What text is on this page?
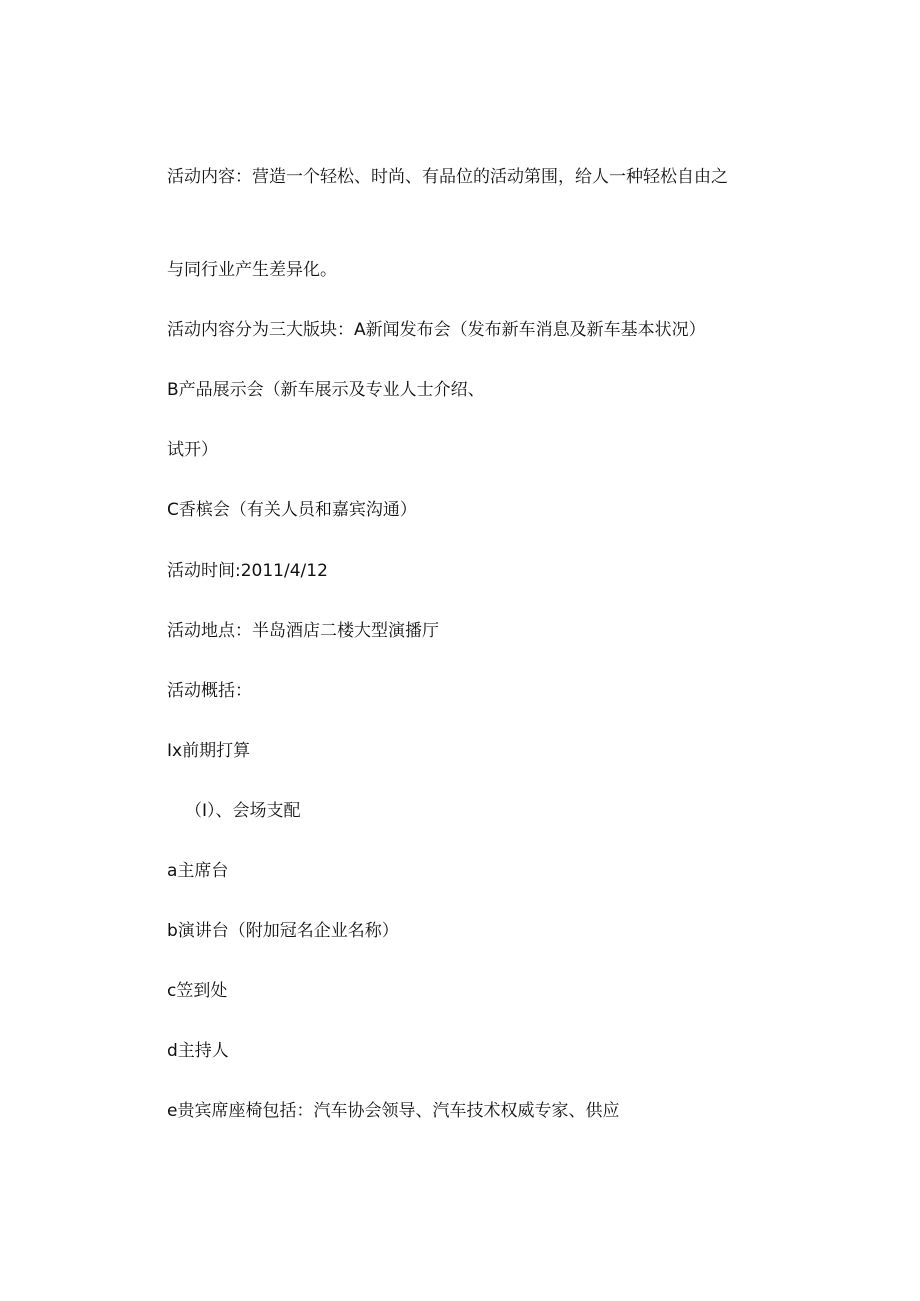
活动内容：营造一个轻松、时尚、有品位的活动第围，给人一种轻松自由之
与同行业产生差异化。
活动内容分为三大版块：A新闻发布会（发布新车消息及新车基本状况）
B产品展示会（新车展示及专业人士介绍、
试开）
C香槟会（有关人员和嘉宾沟通）
活动时间:2011/4/12
活动地点：半岛酒店二楼大型演播厅
活动概括：
Ix前期打算
（I）、会场支配
a主席台
b演讲台（附加冠名企业名称）
c笠到处
d主持人
e贵宾席座椅包括：汽车协会领导、汽车技术权威专家、供应
